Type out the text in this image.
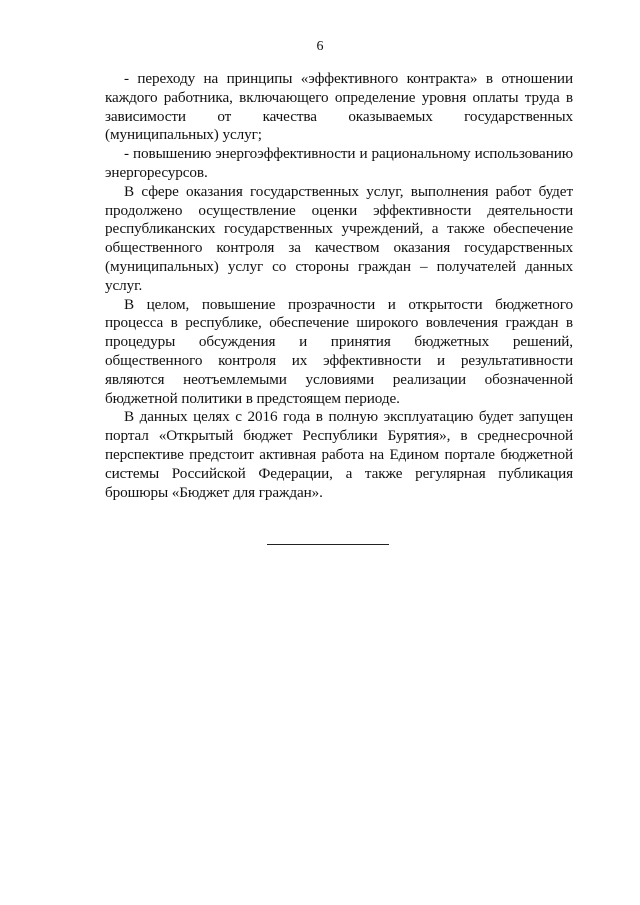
6

- переходу на принципы «эффективного контракта» в отношении каждого работника, включающего определение уровня оплаты труда в зависимости от качества оказываемых государственных (муниципальных) услуг;

- повышению энергоэффективности и рациональному использованию энергоресурсов.

В сфере оказания государственных услуг, выполнения работ будет продолжено осуществление оценки эффективности деятельности республиканских государственных учреждений, а также обеспечение общественного контроля за качеством оказания государственных (муниципальных) услуг со стороны граждан – получателей данных услуг.

В целом, повышение прозрачности и открытости бюджетного процесса в республике, обеспечение широкого вовлечения граждан в процедуры обсуждения и принятия бюджетных решений, общественного контроля их эффективности и результативности являются неотъемлемыми условиями реализации обозначенной бюджетной политики в предстоящем периоде.

В данных целях с 2016 года в полную эксплуатацию будет запущен портал «Открытый бюджет Республики Бурятия», в среднесрочной перспективе предстоит активная работа на Едином портале бюджетной системы Российской Федерации, а также регулярная публикация брошюры «Бюджет для граждан».
